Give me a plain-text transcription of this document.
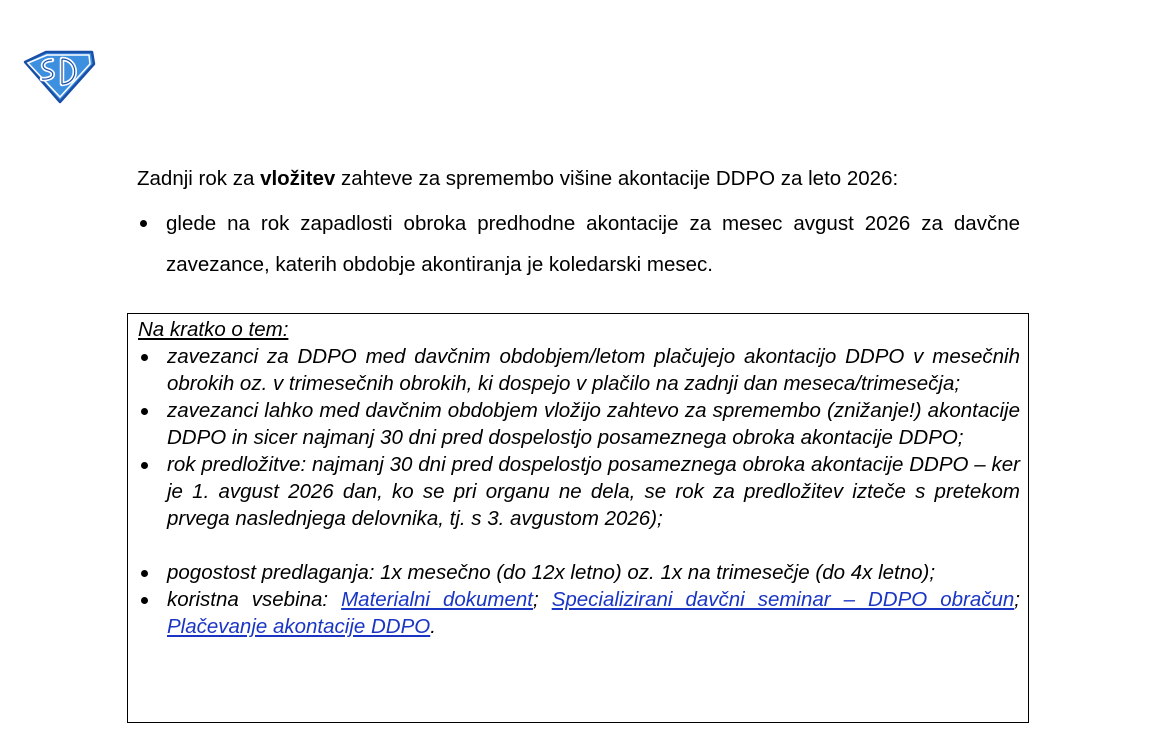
Zadnji rok za vložitev zahteve za spremembo višine akontacije DDPO za leto 2026:

glede na rok zapadlosti obroka predhodne akontacije za mesec avgust 2026 za davčne zavezance, katerih obdobje akontiranja je koledarski mesec.
Na kratko o tem:
zavezanci za DDPO med davčnim obdobjem/letom plačujejo akontacijo DDPO v mesečnih obrokih oz. v trimesečnih obrokih, ki dospejo v plačilo na zadnji dan meseca/trimesečja;
zavezanci lahko med davčnim obdobjem vložijo zahtevo za spremembo (znižanje!) akontacije DDPO in sicer najmanj 30 dni pred dospelostjo posameznega obroka akontacije DDPO;
rok predložitve: najmanj 30 dni pred dospelostjo posameznega obroka akontacije DDPO – ker je 1. avgust 2026 dan, ko se pri organu ne dela, se rok za predložitev izteče s pretekom prvega naslednjega delovnika, tj. s 3. avgustom 2026);
pogostost predlaganja: 1x mesečno (do 12x letno) oz. 1x na trimesečje (do 4x letno);
koristna vsebina: Materialni dokument; Specializirani davčni seminar – DDPO obračun; Plačevanje akontacije DDPO.
